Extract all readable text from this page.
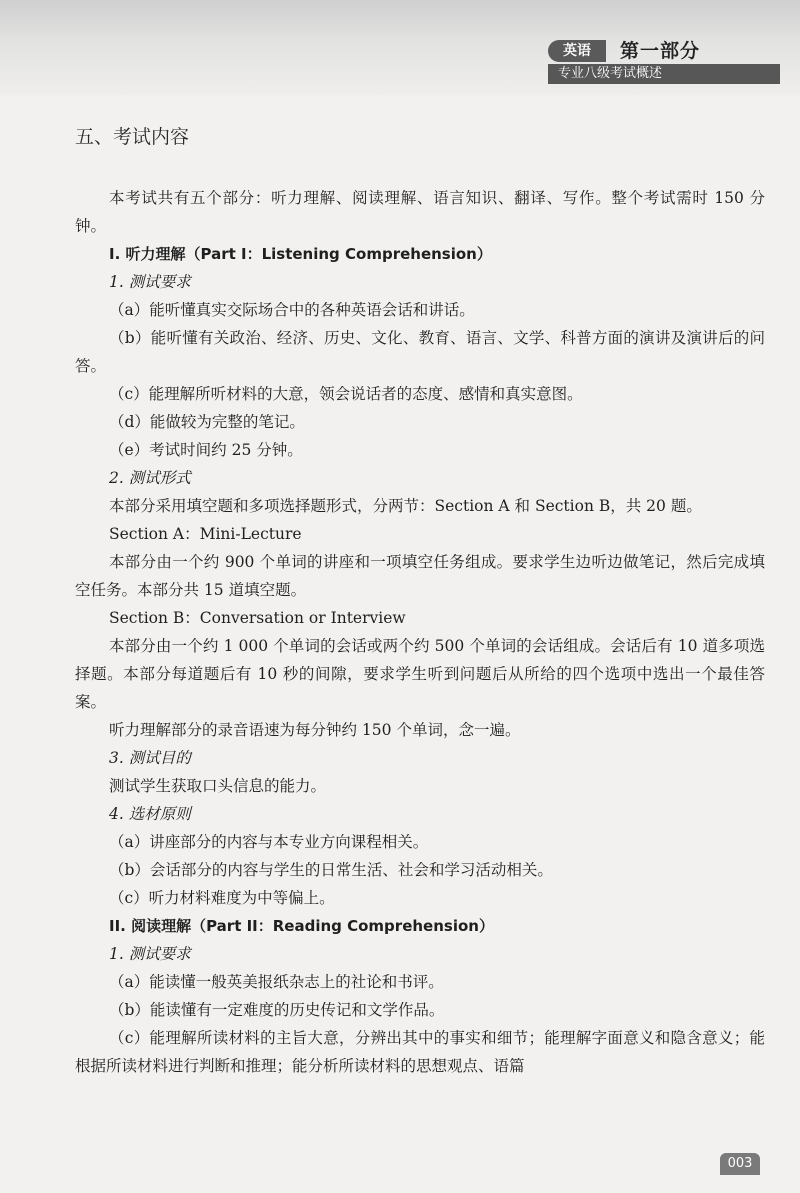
英语	第一部分
专业八级考试概述
五、考试内容

本考试共有五个部分：听力理解、阅读理解、语言知识、翻译、写作。整个考试需时 150 分钟。

I. 听力理解（Part I：Listening Comprehension）

1. 测试要求

（a）能听懂真实交际场合中的各种英语会话和讲话。

（b）能听懂有关政治、经济、历史、文化、教育、语言、文学、科普方面的演讲及演讲后的问答。

（c）能理解所听材料的大意，领会说话者的态度、感情和真实意图。

（d）能做较为完整的笔记。

（e）考试时间约 25 分钟。

2. 测试形式

本部分采用填空题和多项选择题形式，分两节：Section A 和 Section B，共 20 题。

Section A：Mini-Lecture

本部分由一个约 900 个单词的讲座和一项填空任务组成。要求学生边听边做笔记，然后完成填空任务。本部分共 15 道填空题。

Section B：Conversation or Interview

本部分由一个约 1 000 个单词的会话或两个约 500 个单词的会话组成。会话后有 10 道多项选择题。本部分每道题后有 10 秒的间隙，要求学生听到问题后从所给的四个选项中选出一个最佳答案。

听力理解部分的录音语速为每分钟约 150 个单词，念一遍。

3. 测试目的

测试学生获取口头信息的能力。

4. 选材原则

（a）讲座部分的内容与本专业方向课程相关。

（b）会话部分的内容与学生的日常生活、社会和学习活动相关。

（c）听力材料难度为中等偏上。

II. 阅读理解（Part II：Reading Comprehension）

1. 测试要求

（a）能读懂一般英美报纸杂志上的社论和书评。

（b）能读懂有一定难度的历史传记和文学作品。

（c）能理解所读材料的主旨大意，分辨出其中的事实和细节；能理解字面意义和隐含意义；能根据所读材料进行判断和推理；能分析所读材料的思想观点、语篇

003
